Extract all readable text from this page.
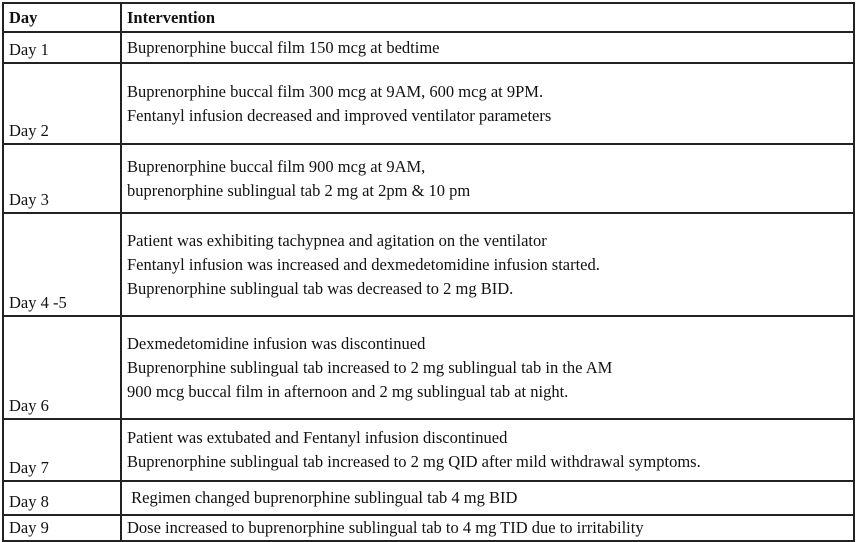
Day	Intervention
Day 1	Buprenorphine buccal film 150 mcg at bedtime

Day 2	Buprenorphine buccal film 300 mcg at 9AM, 600 mcg at 9PM.
Fentanyl infusion decreased and improved ventilator parameters

Day 3	Buprenorphine buccal film 900 mcg at 9AM,
buprenorphine sublingual tab 2 mg at 2pm & 10 pm

Day 4 -5	Patient was exhibiting tachypnea and agitation on the ventilator
Fentanyl infusion was increased and dexmedetomidine infusion started.
Buprenorphine sublingual tab was decreased to 2 mg BID.

Day 6	Dexmedetomidine infusion was discontinued
Buprenorphine sublingual tab increased to 2 mg sublingual tab in the AM
900 mcg buccal film in afternoon and 2 mg sublingual tab at night.

Day 7	Patient was extubated and Fentanyl infusion discontinued
Buprenorphine sublingual tab increased to 2 mg QID after mild withdrawal symptoms.

Day 8	Regimen changed buprenorphine sublingual tab 4 mg BID

Day 9	Dose increased to buprenorphine sublingual tab to 4 mg TID due to irritability
